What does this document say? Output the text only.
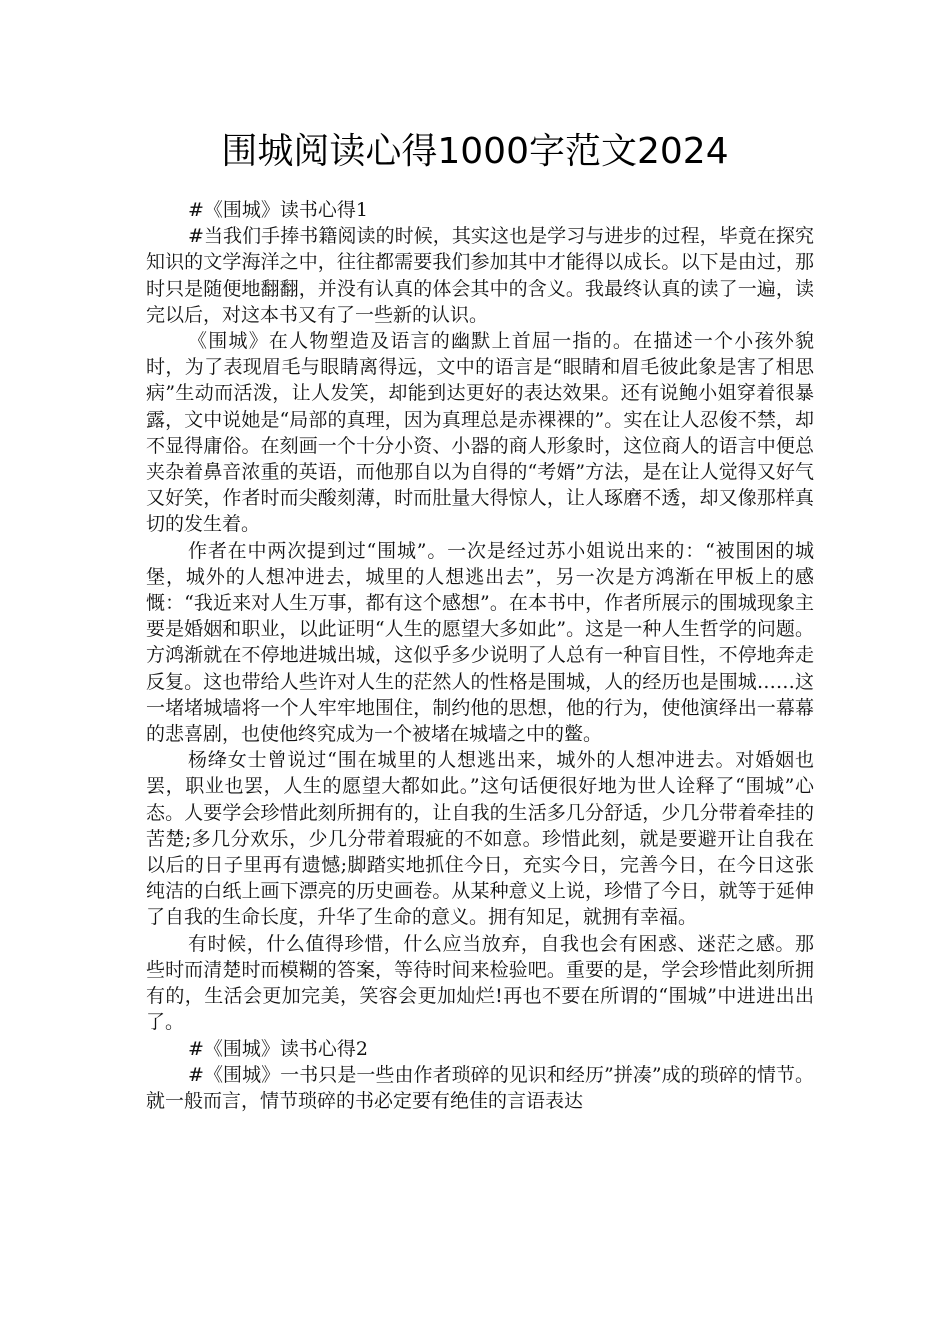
围城阅读心得1000字范文2024

#《围城》读书心得1

#当我们手捧书籍阅读的时候，其实这也是学习与进步的过程，毕竟在探究知识的文学海洋之中，往往都需要我们参加其中才能得以成长。以下是由过，那时只是随便地翻翻，并没有认真的体会其中的含义。我最终认真的读了一遍，读完以后，对这本书又有了一些新的认识。

《围城》在人物塑造及语言的幽默上首屈一指的。在描述一个小孩外貌时，为了表现眉毛与眼睛离得远，文中的语言是“眼睛和眉毛彼此象是害了相思病”生动而活泼，让人发笑，却能到达更好的表达效果。还有说鲍小姐穿着很暴露，文中说她是“局部的真理，因为真理总是赤裸裸的”。实在让人忍俊不禁，却不显得庸俗。在刻画一个十分小资、小器的商人形象时，这位商人的语言中便总夹杂着鼻音浓重的英语，而他那自以为自得的“考婿”方法，是在让人觉得又好气又好笑，作者时而尖酸刻薄，时而肚量大得惊人，让人琢磨不透，却又像那样真切的发生着。

作者在中两次提到过“围城”。一次是经过苏小姐说出来的：“被围困的城堡，城外的人想冲进去，城里的人想逃出去”，另一次是方鸿渐在甲板上的感慨：“我近来对人生万事，都有这个感想”。在本书中，作者所展示的围城现象主要是婚姻和职业，以此证明“人生的愿望大多如此”。这是一种人生哲学的问题。方鸿渐就在不停地进城出城，这似乎多少说明了人总有一种盲目性，不停地奔走反复。这也带给人些许对人生的茫然人的性格是围城，人的经历也是围城……这一堵堵城墙将一个人牢牢地围住，制约他的思想，他的行为，使他演绎出一幕幕的悲喜剧，也使他终究成为一个被堵在城墙之中的鳖。

杨绛女士曾说过“围在城里的人想逃出来，城外的人想冲进去。对婚姻也罢，职业也罢，人生的愿望大都如此。”这句话便很好地为世人诠释了“围城”心态。人要学会珍惜此刻所拥有的，让自我的生活多几分舒适，少几分带着牵挂的苦楚;多几分欢乐，少几分带着瑕疵的不如意。珍惜此刻，就是要避开让自我在以后的日子里再有遗憾;脚踏实地抓住今日，充实今日，完善今日，在今日这张纯洁的白纸上画下漂亮的历史画卷。从某种意义上说，珍惜了今日，就等于延伸了自我的生命长度，升华了生命的意义。拥有知足，就拥有幸福。

有时候，什么值得珍惜，什么应当放弃，自我也会有困惑、迷茫之感。那些时而清楚时而模糊的答案，等待时间来检验吧。重要的是，学会珍惜此刻所拥有的，生活会更加完美，笑容会更加灿烂!再也不要在所谓的“围城”中进进出出了。

#《围城》读书心得2

#《围城》一书只是一些由作者琐碎的见识和经历”拼凑”成的琐碎的情节。就一般而言，情节琐碎的书必定要有绝佳的言语表达
